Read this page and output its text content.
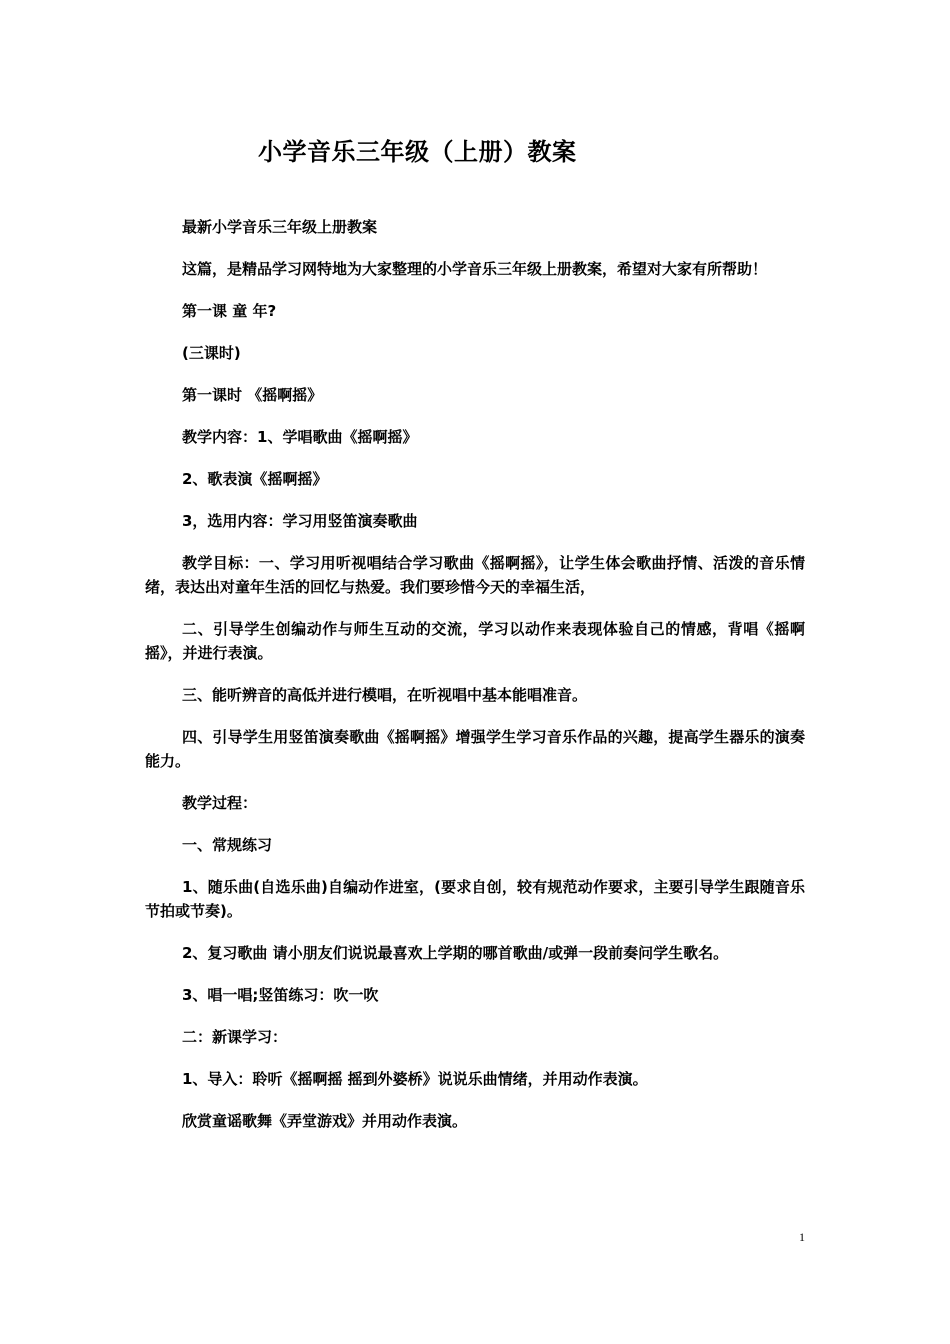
小学音乐三年级（上册）教案

最新小学音乐三年级上册教案

这篇，是精品学习网特地为大家整理的小学音乐三年级上册教案，希望对大家有所帮助！

第一课 童 年?

(三课时)

第一课时 《摇啊摇》

教学内容：1、学唱歌曲《摇啊摇》

2、歌表演《摇啊摇》

3，选用内容：学习用竖笛演奏歌曲

教学目标：一、学习用听视唱结合学习歌曲《摇啊摇》，让学生体会歌曲抒情、活泼的音乐情绪，表达出对童年生活的回忆与热爱。我们要珍惜今天的幸福生活，

二、引导学生创编动作与师生互动的交流，学习以动作来表现体验自己的情感，背唱《摇啊摇》，并进行表演。

三、能听辨音的高低并进行模唱，在听视唱中基本能唱准音。

四、引导学生用竖笛演奏歌曲《摇啊摇》增强学生学习音乐作品的兴趣，提高学生器乐的演奏能力。

教学过程：

一、常规练习

1、随乐曲(自选乐曲)自编动作进室，(要求自创，较有规范动作要求，主要引导学生跟随音乐节拍或节奏)。

2、复习歌曲 请小朋友们说说最喜欢上学期的哪首歌曲/或弹一段前奏问学生歌名。

3、唱一唱;竖笛练习：吹一吹

二：新课学习：

1、导入：聆听《摇啊摇 摇到外婆桥》说说乐曲情绪，并用动作表演。

欣赏童谣歌舞《弄堂游戏》并用动作表演。

1
